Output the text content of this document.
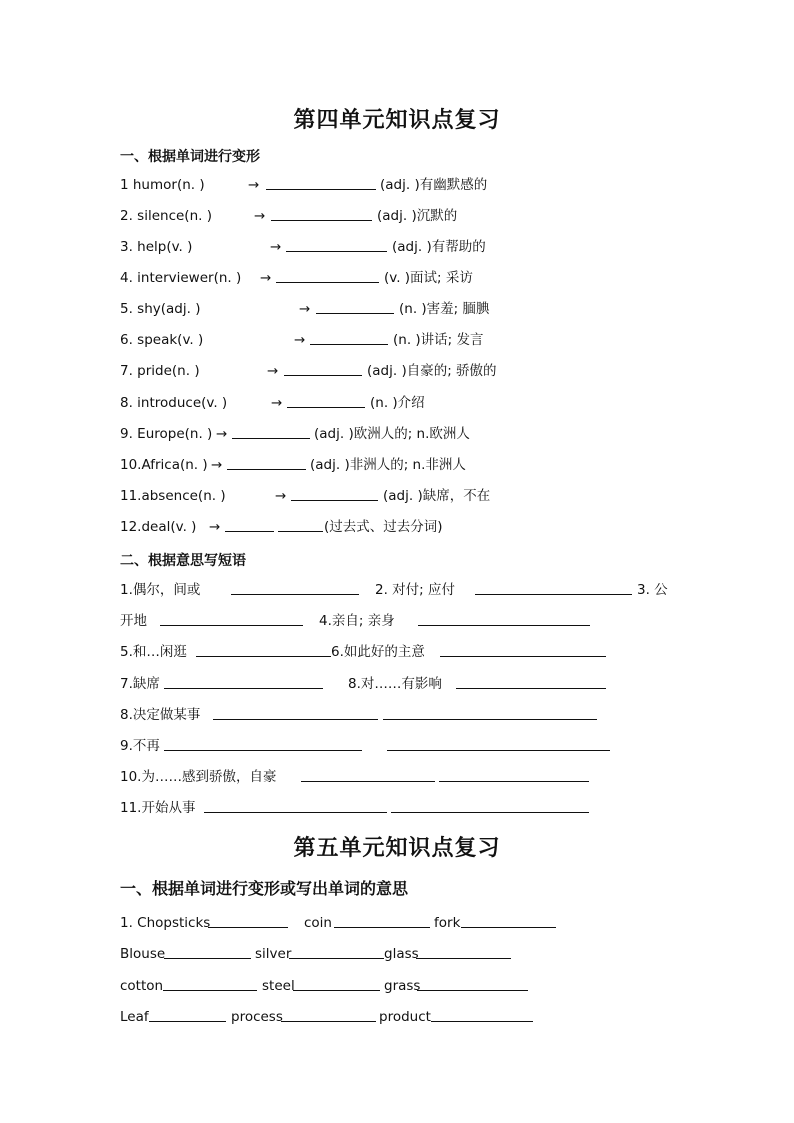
第四单元知识点复习
一、根据单词进行变形
1 humor(n. )	→	(adj. )有幽默感的
2. silence(n. )	→	(adj. )沉默的
3. help(v. )	→	(adj. )有帮助的
4. interviewer(n. ) →	(v. )面试; 采访
5. shy(adj. )	→	(n. )害羞; 腼腆
6. speak(v. )	→	(n. )讲话; 发言
7. pride(n. )	→	(adj. )自豪的; 骄傲的
8. introduce(v. )	→	(n. )介绍
9. Europe(n. ) →	(adj. )欧洲人的; n.欧洲人
10.Africa(n. ) →	(adj. )非洲人的; n.非洲人
11.absence(n. )	→	(adj. )缺席，不在
12.deal(v. ) →	(过去式、过去分词)
二、根据意思写短语
1.偶尔，间或	2. 对付; 应付	3. 公
开地	4.亲自; 亲身
5.和…闲逛	6.如此好的主意
7.缺席	8.对……有影响
8.决定做某事
9.不再
10.为……感到骄傲，自豪
11.开始从事
第五单元知识点复习
一、根据单词进行变形或写出单词的意思
1. Chopsticks	coin	fork
Blouse	silver	glass
cotton	steel	grass
Leaf	process	product
